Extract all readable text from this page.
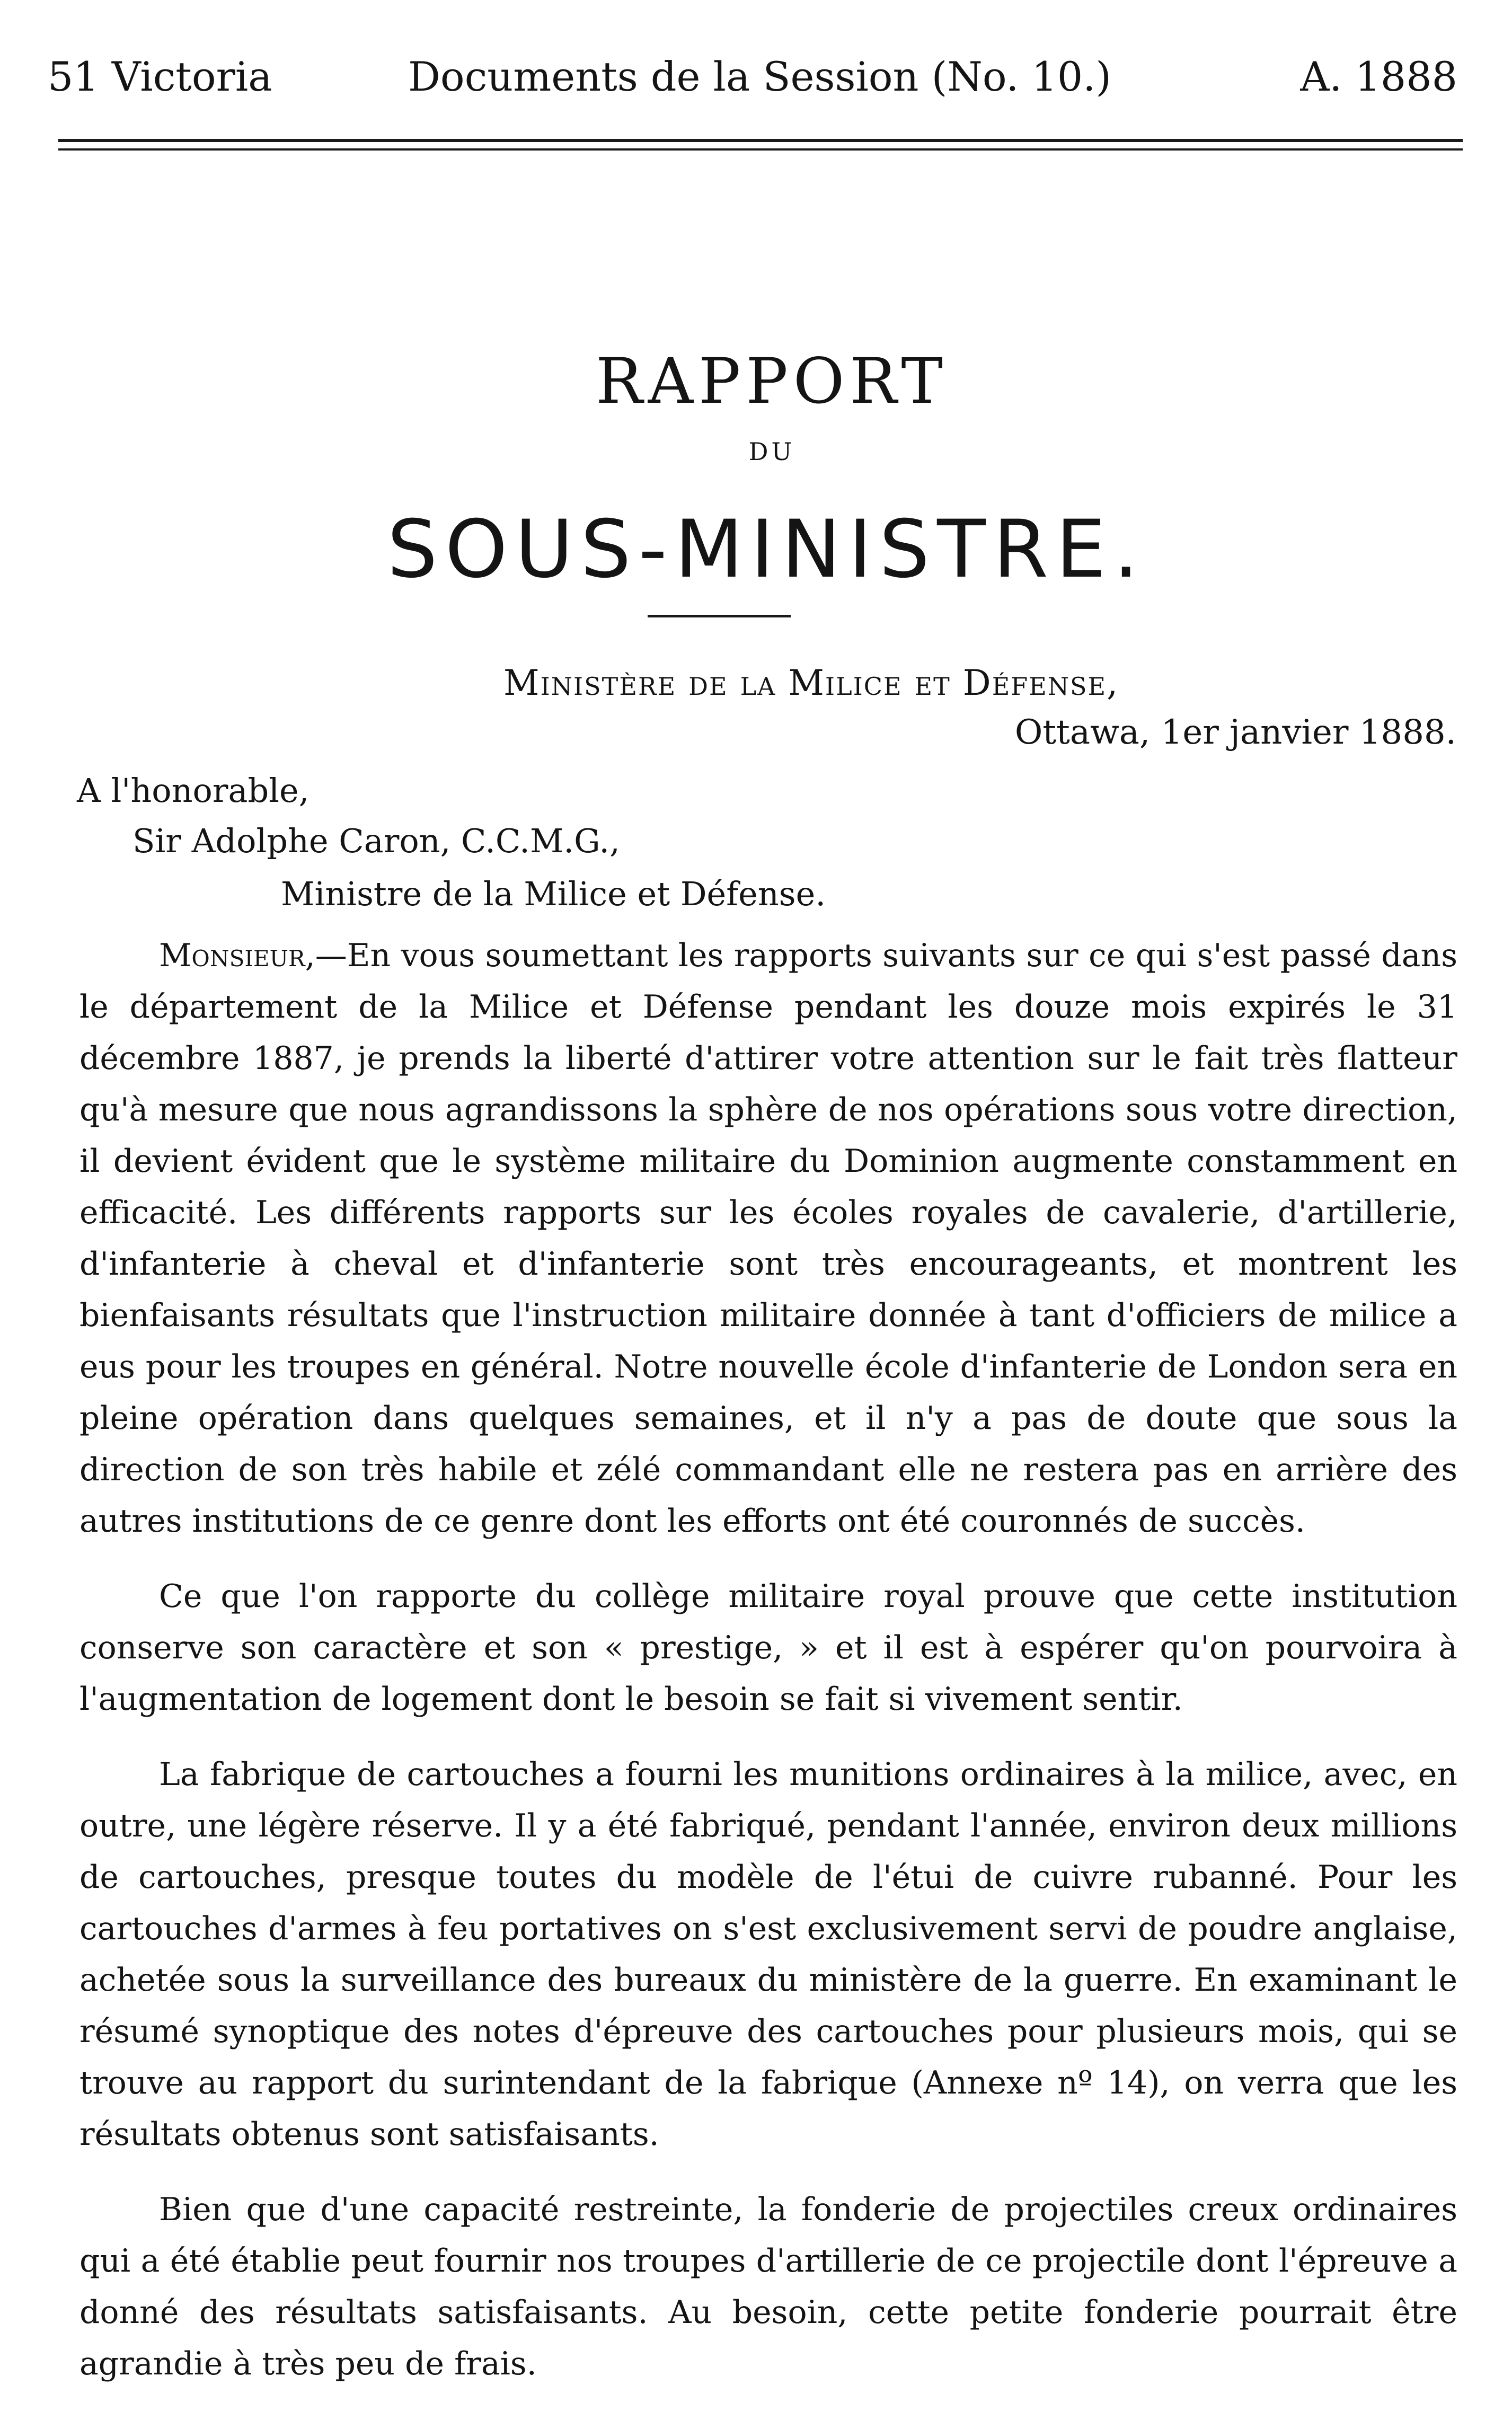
51 Victoria	Documents de la Session (No. 10.)	A. 1888
RAPPORT
DU
SOUS-MINISTRE.
Ministère de la Milice et Défense,
Ottawa, 1er janvier 1888.
A l'honorable,
Sir Adolphe Caron, C.C.M.G.,
Ministre de la Milice et Défense.

Monsieur,—En vous soumettant les rapports suivants sur ce qui s'est passé dans le département de la Milice et Défense pendant les douze mois expirés le 31 décembre 1887, je prends la liberté d'attirer votre attention sur le fait très flatteur qu'à mesure que nous agrandissons la sphère de nos opérations sous votre direction, il devient évident que le système militaire du Dominion augmente constamment en efficacité. Les différents rapports sur les écoles royales de cavalerie, d'artillerie, d'infanterie à cheval et d'infanterie sont très encourageants, et montrent les bienfaisants résultats que l'instruction militaire donnée à tant d'officiers de milice a eus pour les troupes en général. Notre nouvelle école d'infanterie de London sera en pleine opération dans quelques semaines, et il n'y a pas de doute que sous la direction de son très habile et zélé commandant elle ne restera pas en arrière des autres institutions de ce genre dont les efforts ont été couronnés de succès.

Ce que l'on rapporte du collège militaire royal prouve que cette institution conserve son caractère et son « prestige, » et il est à espérer qu'on pourvoira à l'augmentation de logement dont le besoin se fait si vivement sentir.

La fabrique de cartouches a fourni les munitions ordinaires à la milice, avec, en outre, une légère réserve. Il y a été fabriqué, pendant l'année, environ deux millions de cartouches, presque toutes du modèle de l'étui de cuivre rubanné. Pour les cartouches d'armes à feu portatives on s'est exclusivement servi de poudre anglaise, achetée sous la surveillance des bureaux du ministère de la guerre. En examinant le résumé synoptique des notes d'épreuve des cartouches pour plusieurs mois, qui se trouve au rapport du surintendant de la fabrique (Annexe nº 14), on verra que les résultats obtenus sont satisfaisants.

Bien que d'une capacité restreinte, la fonderie de projectiles creux ordinaires qui a été établie peut fournir nos troupes d'artillerie de ce projectile dont l'épreuve a donné des résultats satisfaisants. Au besoin, cette petite fonderie pourrait être agrandie à très peu de frais.
